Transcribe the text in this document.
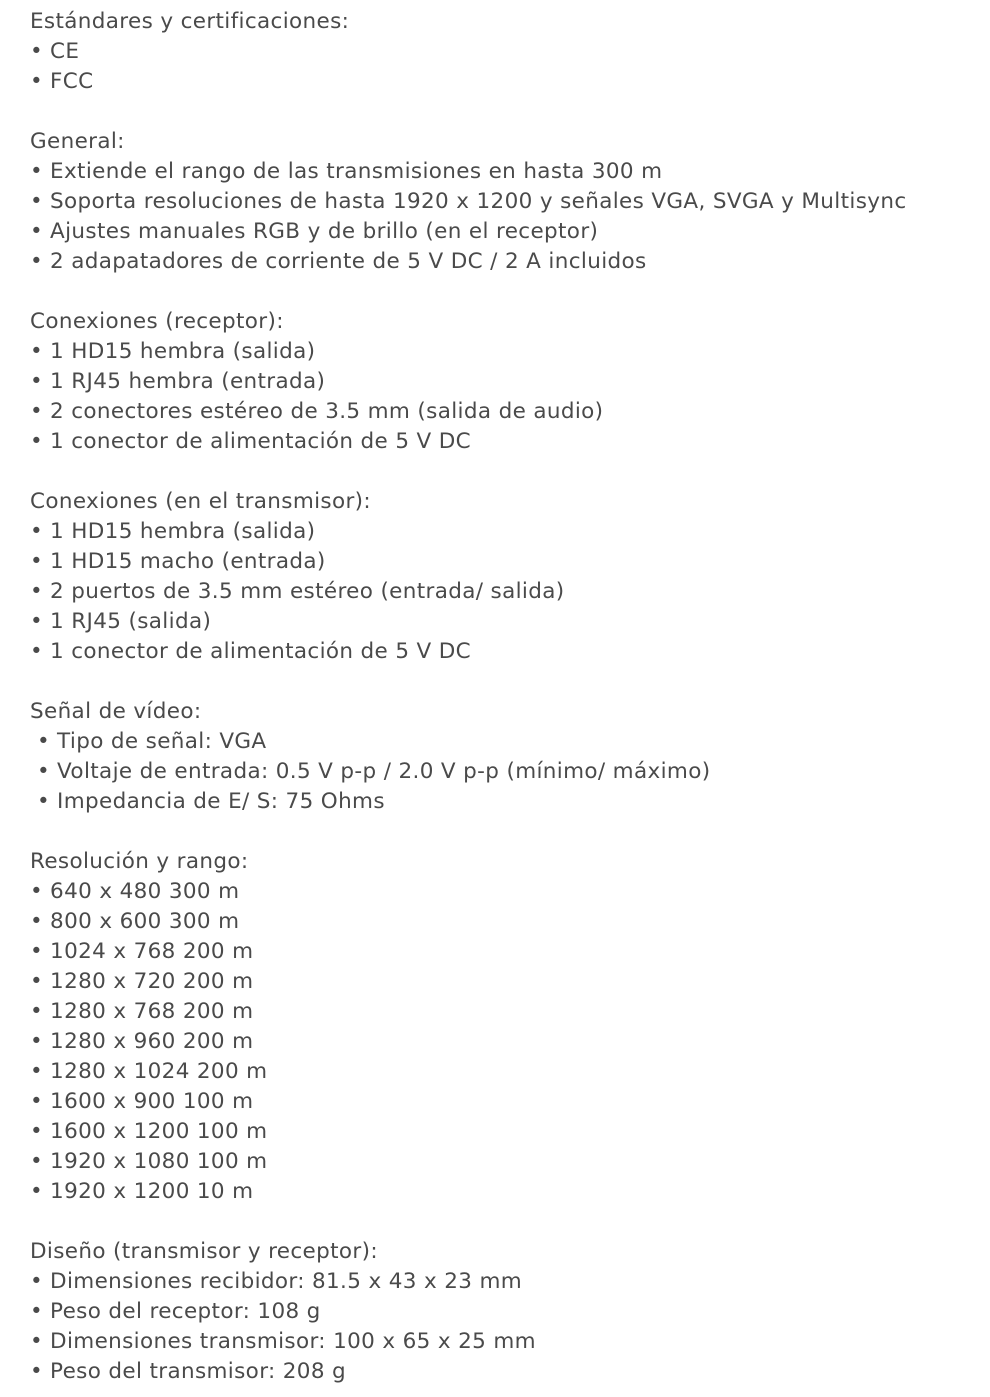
Estándares y certificaciones:
• CE
• FCC
General:
• Extiende el rango de las transmisiones en hasta 300 m
• Soporta resoluciones de hasta 1920 x 1200 y señales VGA, SVGA y Multisync
• Ajustes manuales RGB y de brillo (en el receptor)
• 2 adapatadores de corriente de 5 V DC / 2 A incluidos
Conexiones (receptor):
• 1 HD15 hembra (salida)
• 1 RJ45 hembra (entrada)
• 2 conectores estéreo de 3.5 mm (salida de audio)
• 1 conector de alimentación de 5 V DC
Conexiones (en el transmisor):
• 1 HD15 hembra (salida)
• 1 HD15 macho (entrada)
• 2 puertos de 3.5 mm estéreo (entrada/ salida)
• 1 RJ45 (salida)
• 1 conector de alimentación de 5 V DC
Señal de vídeo:
• Tipo de señal: VGA
• Voltaje de entrada: 0.5 V p-p / 2.0 V p-p (mínimo/ máximo)
• Impedancia de E/ S: 75 Ohms
Resolución y rango:
• 640 x 480 300 m
• 800 x 600 300 m
• 1024 x 768 200 m
• 1280 x 720 200 m
• 1280 x 768 200 m
• 1280 x 960 200 m
• 1280 x 1024 200 m
• 1600 x 900 100 m
• 1600 x 1200 100 m
• 1920 x 1080 100 m
• 1920 x 1200 10 m
Diseño (transmisor y receptor):
• Dimensiones recibidor: 81.5 x 43 x 23 mm
• Peso del receptor: 108 g
• Dimensiones transmisor: 100 x 65 x 25 mm
• Peso del transmisor: 208 g
